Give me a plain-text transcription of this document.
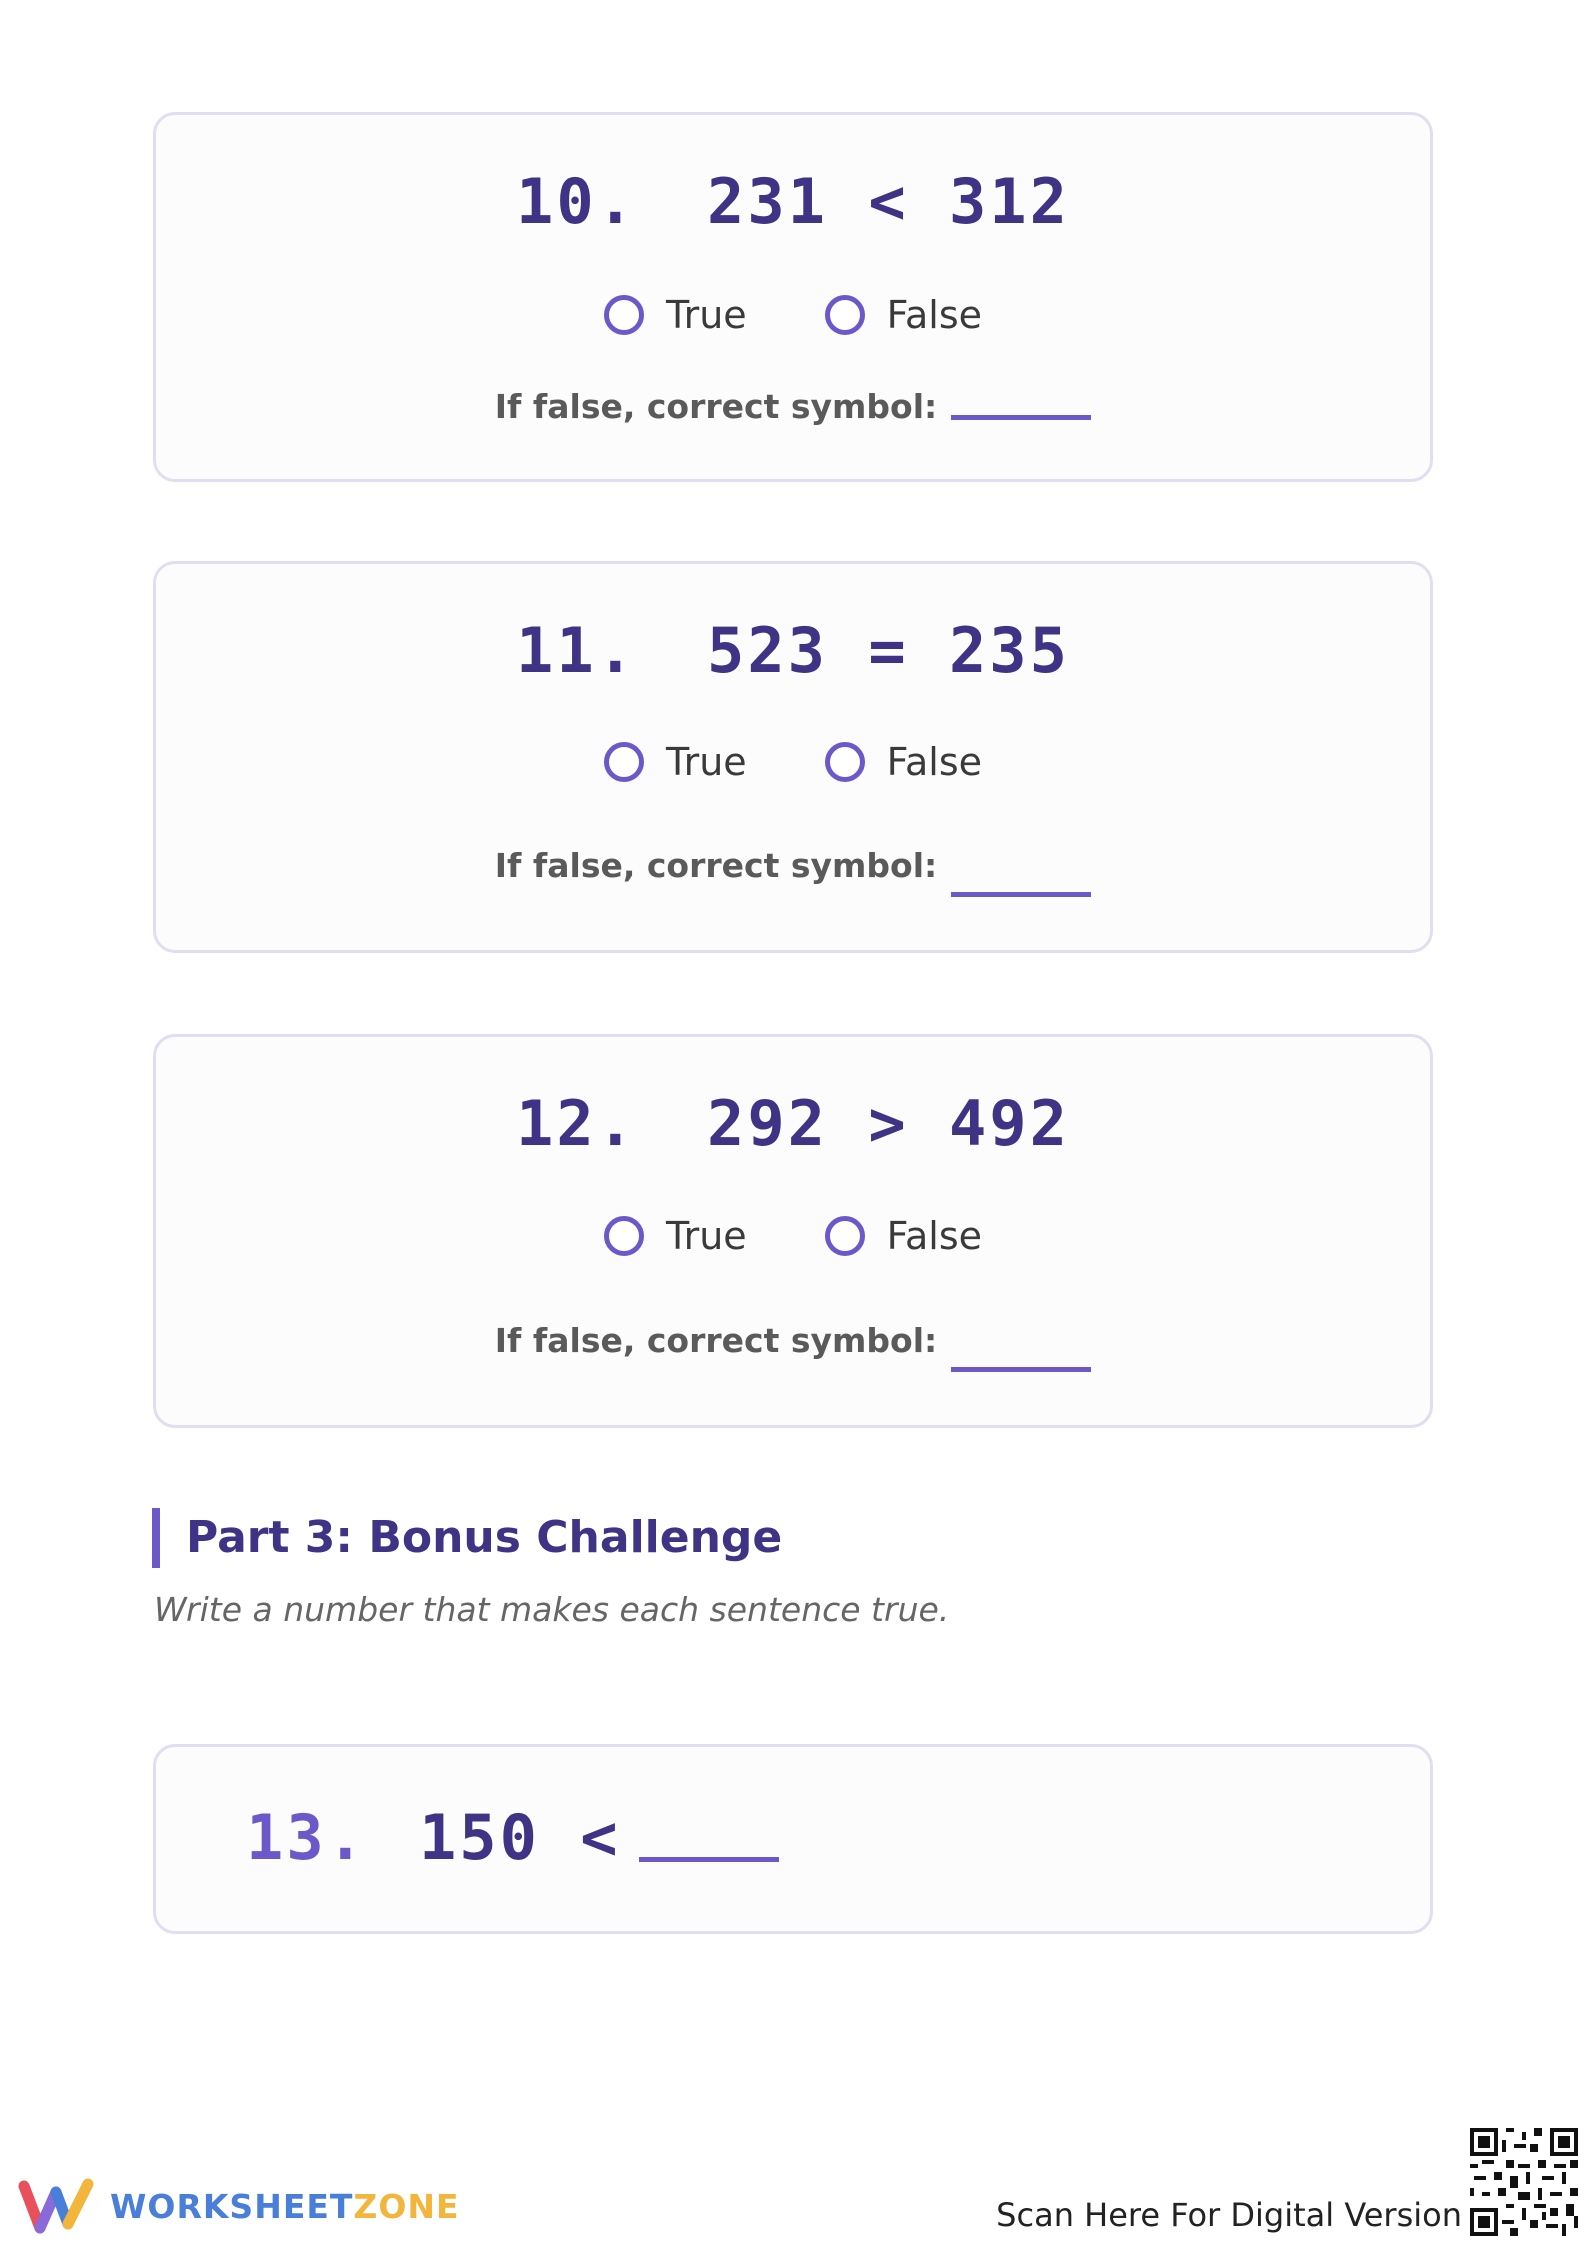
10. 231 < 312
True	False
If false, correct symbol:
11. 523 = 235
True	False
If false, correct symbol:
12. 292 > 492
True	False
If false, correct symbol:
Part 3: Bonus Challenge
Write a number that makes each sentence true.
13. 150 <
WORKSHEETZONE	Scan Here For Digital Version
